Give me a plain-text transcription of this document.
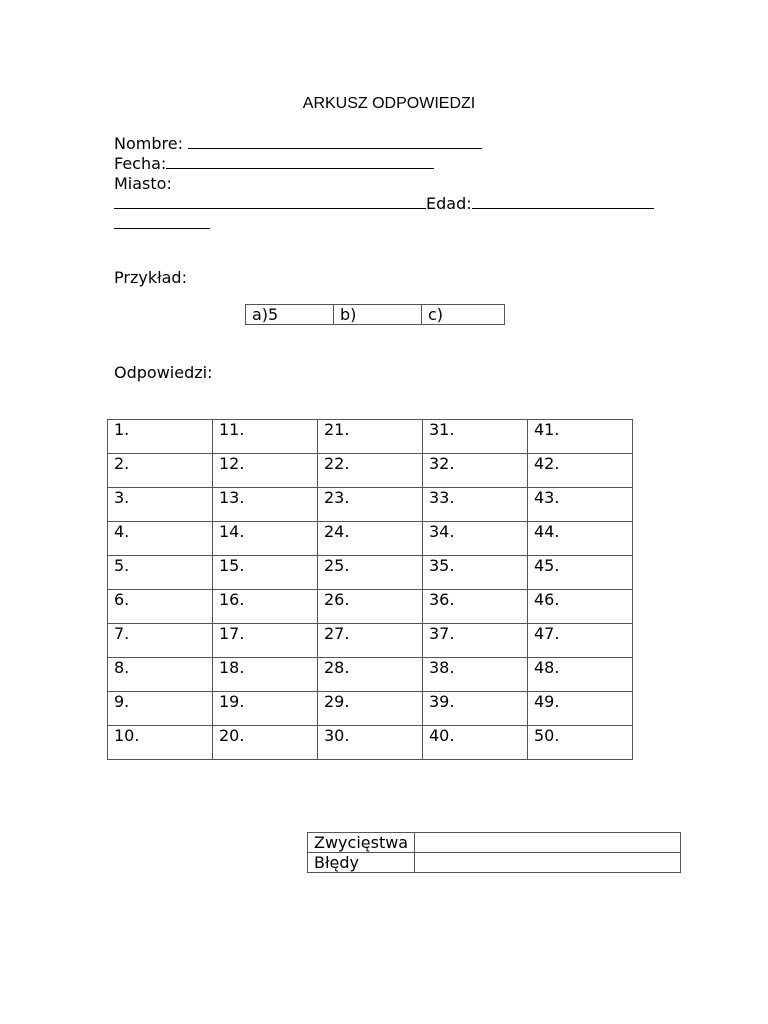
ARKUSZ ODPOWIEDZI
Nombre:
Fecha:
Miasto:
Edad:
Przykład:
a)5	b)	c)
Odpowiedzi:
1.	11.	21.	31.	41.
2.	12.	22.	32.	42.
3.	13.	23.	33.	43.
4.	14.	24.	34.	44.
5.	15.	25.	35.	45.
6.	16.	26.	36.	46.
7.	17.	27.	37.	47.
8.	18.	28.	38.	48.
9.	19.	29.	39.	49.
10.	20.	30.	40.	50.
Zwycięstwa	
Błędy	
